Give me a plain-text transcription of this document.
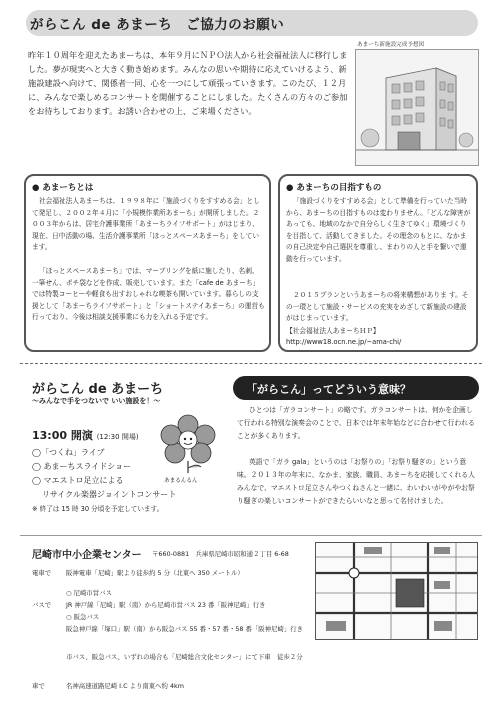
がらこん de あまーち　ご協力のお願い
昨年１０周年を迎えたあまーちは、本年９月にＮＰＯ法人から社会福祉法人に移行しました。夢が現実へと大きく動き始めます。みんなの思いや期待に応えていけるよう、新施設建設へ向けて、関係者一同、心を一つにして頑張っていきます。このたび、１２月に、みんなで楽しめるコンサートを開催することにしました。たくさんの方々のご参加をお待ちしております。お誘い合わせの上、ご来場ください。
あまーち新施設完成予想図
● あまーちとは
社会福祉法人あまーちは、１９９８年に「施設づくりをすすめる会」として発足し、２００２年４月に「小規模作業所あまーち」が開所しました。２００３年からは、居宅介護事業所「あまーちライフサポート」がはじまり、現在、日中活動の場、生活介護事業所「ほっとスペースあまーち」をしています。
「ほっとスペースあまーち」では、マーブリングを紙に施したり、名刺、一筆せん、ポチ袋などを作成、販売しています。また「cafe de あまーち」では特製コーヒーや軽食も出すおしゃれな喫茶も開いています。暮らしの支援として「あまーちライフサポート」と「ショートステイあまーち」の運営も行っており、今後は相談支援事業にも力を入れる予定です。
● あまーちの目指すもの
「施設づくりをすすめる会」として準備を行っていた当時から、あまーちの目指すものは変わりません。「どんな障害があっても、地域のなかで自分らしく生きてゆく」環境づくりを目指して、活動してきました。その理念のもとに、なかまの自己決定や自己選択を尊重し、まわりの人と手を繋いで運動を行っています。
２０１５プランというあまーちの将来構想がありま す。その一環として施設・サービスの充実をめざして新施設の建設がはじまっています。
【社会福祉法人あまーちＨＰ】
http://www18.ocn.ne.jp/~ama-chi/
がらこん de あまーち
～みんなで手をつないで いい施設を！～
13:00 開演 (12:30 開場)
◯「つくね」ライブ
◯ あまーちスライドショー
◯ マエストロ足立による
リサイクル楽器ジョイントコンサート
※ 終了は 15 時 30 分頃を予定しています。
あまるんるん
「がらこん」ってどういう意味？
ひとつは「ガラコンサート」の略です。ガラコンサートは、何かを企画して行われる特別な演奏会のことで、日本では年末年始などに合わせて行われることが多くあります。
英語で「ガラ gala」というのは「お祭りの」「お祭り騒ぎの」という意味。２０１３年の年末に、なかま、家族、職員、あまーちを応援してくれる人みんなで、マエストロ足立さんやつくねさんと一緒に、わいわいがやがやお祭り騒ぎの楽しいコンサートができたらいいなと思って名付けました。
尼崎市中小企業センター 〒660-0881　兵庫県尼崎市昭和通２丁目 6-68
電車で 阪神電車「尼崎」駅より徒歩約 5 分（北東へ 350 メートル）
バスで
○ 尼崎市営バス
JR 神戸線「尼崎」駅（南）から尼崎市営バス 23 番「阪神尼崎」行き
○ 阪急バス
阪急神戸線「塚口」駅（南）から阪急バス 55 番・57 番・58 番「阪神尼崎」行き
市バス、阪急バス、いずれの場合も「尼崎総合文化センター」にて下車　徒歩２分
車で	名神高速道路尼崎 I.C より南東へ約 4km
